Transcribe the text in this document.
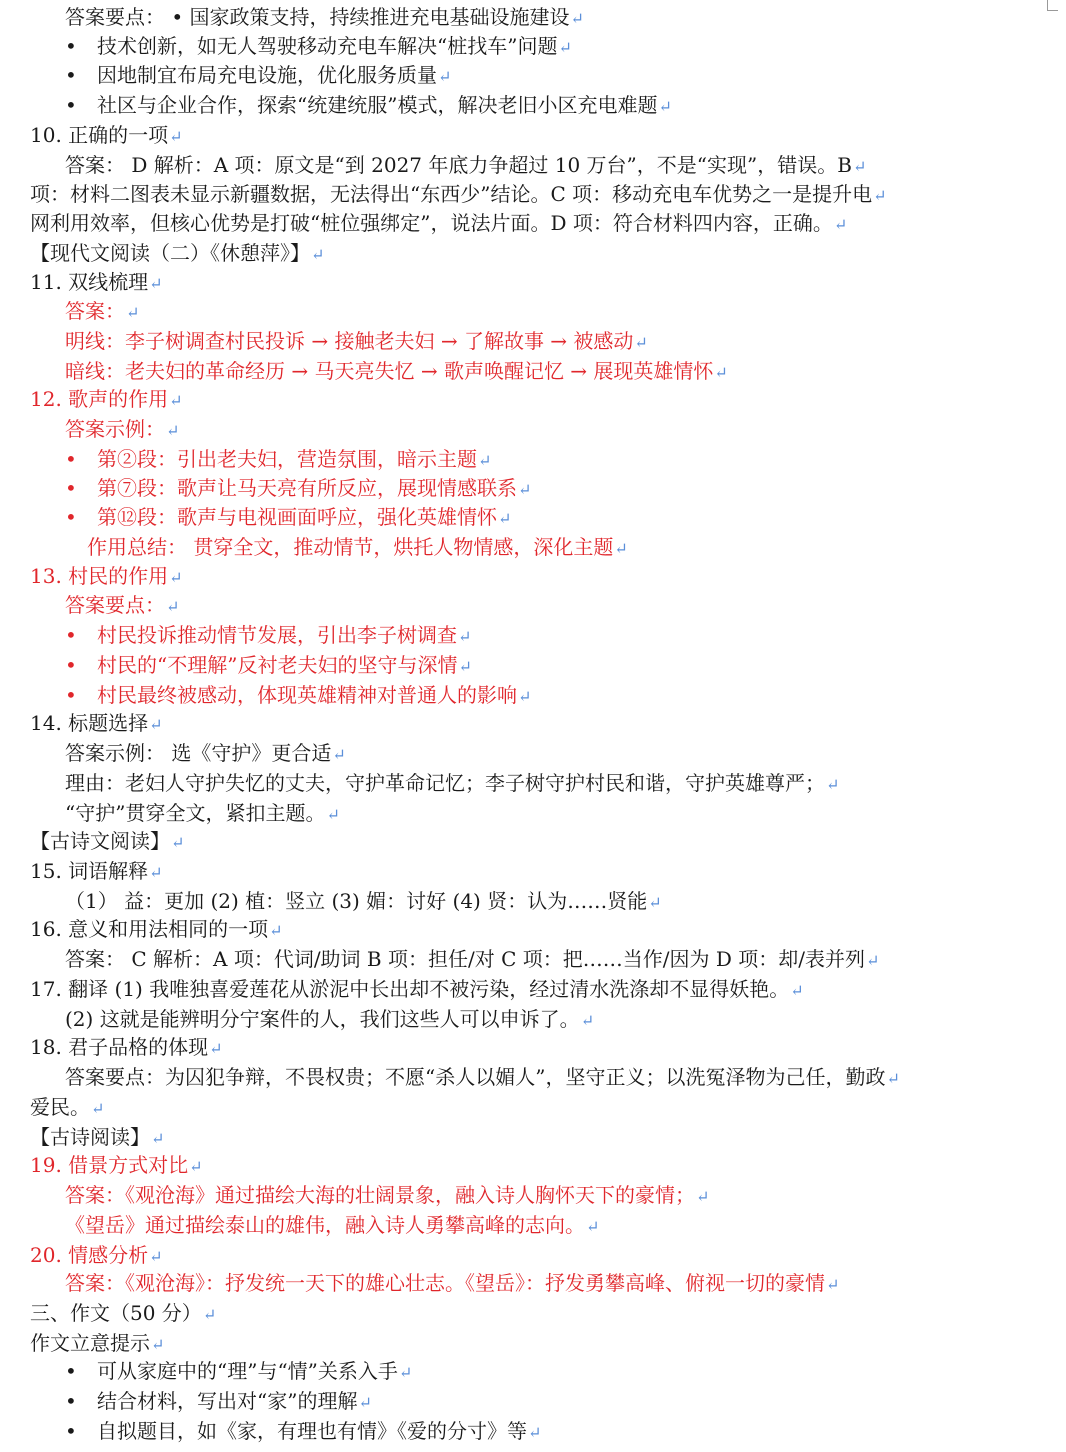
答案要点： • 国家政策支持，持续推进充电基础设施建设↵
• 技术创新，如无人驾驶移动充电车解决“桩找车”问题↵
• 因地制宜布局充电设施，优化服务质量↵
• 社区与企业合作，探索“统建统服”模式，解决老旧小区充电难题↵
10. 正确的一项↵
答案： D 解析：A 项：原文是“到 2027 年底力争超过 10 万台”，不是“实现”，错误。B↵
项：材料二图表未显示新疆数据，无法得出“东西少”结论。C 项：移动充电车优势之一是提升电↵
网利用效率，但核心优势是打破“桩位强绑定”，说法片面。D 项：符合材料四内容，正确。↵
【现代文阅读（二）《休憩萍》】↵
11. 双线梳理↵
答案：↵
明线：李子树调查村民投诉 → 接触老夫妇 → 了解故事 → 被感动↵
暗线：老夫妇的革命经历 → 马天亮失忆 → 歌声唤醒记忆 → 展现英雄情怀↵
12. 歌声的作用↵
答案示例：↵
• 第②段：引出老夫妇，营造氛围，暗示主题↵
• 第⑦段：歌声让马天亮有所反应，展现情感联系↵
• 第⑫段：歌声与电视画面呼应，强化英雄情怀↵
作用总结： 贯穿全文，推动情节，烘托人物情感，深化主题↵
13. 村民的作用↵
答案要点：↵
• 村民投诉推动情节发展，引出李子树调查↵
• 村民的“不理解”反衬老夫妇的坚守与深情↵
• 村民最终被感动，体现英雄精神对普通人的影响↵
14. 标题选择↵
答案示例： 选《守护》更合适↵
理由：老妇人守护失忆的丈夫，守护革命记忆；李子树守护村民和谐，守护英雄尊严；↵
“守护”贯穿全文，紧扣主题。↵
【古诗文阅读】↵
15. 词语解释↵
（1） 益：更加 (2) 植：竖立 (3) 媚：讨好 (4) 贤：认为……贤能↵
16. 意义和用法相同的一项↵
答案： C 解析：A 项：代词/助词 B 项：担任/对 C 项：把……当作/因为 D 项：却/表并列↵
17. 翻译 (1) 我唯独喜爱莲花从淤泥中长出却不被污染，经过清水洗涤却不显得妖艳。↵
(2) 这就是能辨明分宁案件的人，我们这些人可以申诉了。↵
18. 君子品格的体现↵
答案要点：为囚犯争辩，不畏权贵；不愿“杀人以媚人”，坚守正义；以洗冤泽物为己任，勤政↵
爱民。↵
【古诗阅读】↵
19. 借景方式对比↵
答案：《观沧海》通过描绘大海的壮阔景象，融入诗人胸怀天下的豪情；↵
《望岳》通过描绘泰山的雄伟，融入诗人勇攀高峰的志向。↵
20. 情感分析↵
答案：《观沧海》：抒发统一天下的雄心壮志。《望岳》：抒发勇攀高峰、俯视一切的豪情↵
三、作文（50 分）↵
作文立意提示↵
• 可从家庭中的“理”与“情”关系入手↵
• 结合材料，写出对“家”的理解↵
• 自拟题目，如《家，有理也有情》《爱的分寸》等↵
